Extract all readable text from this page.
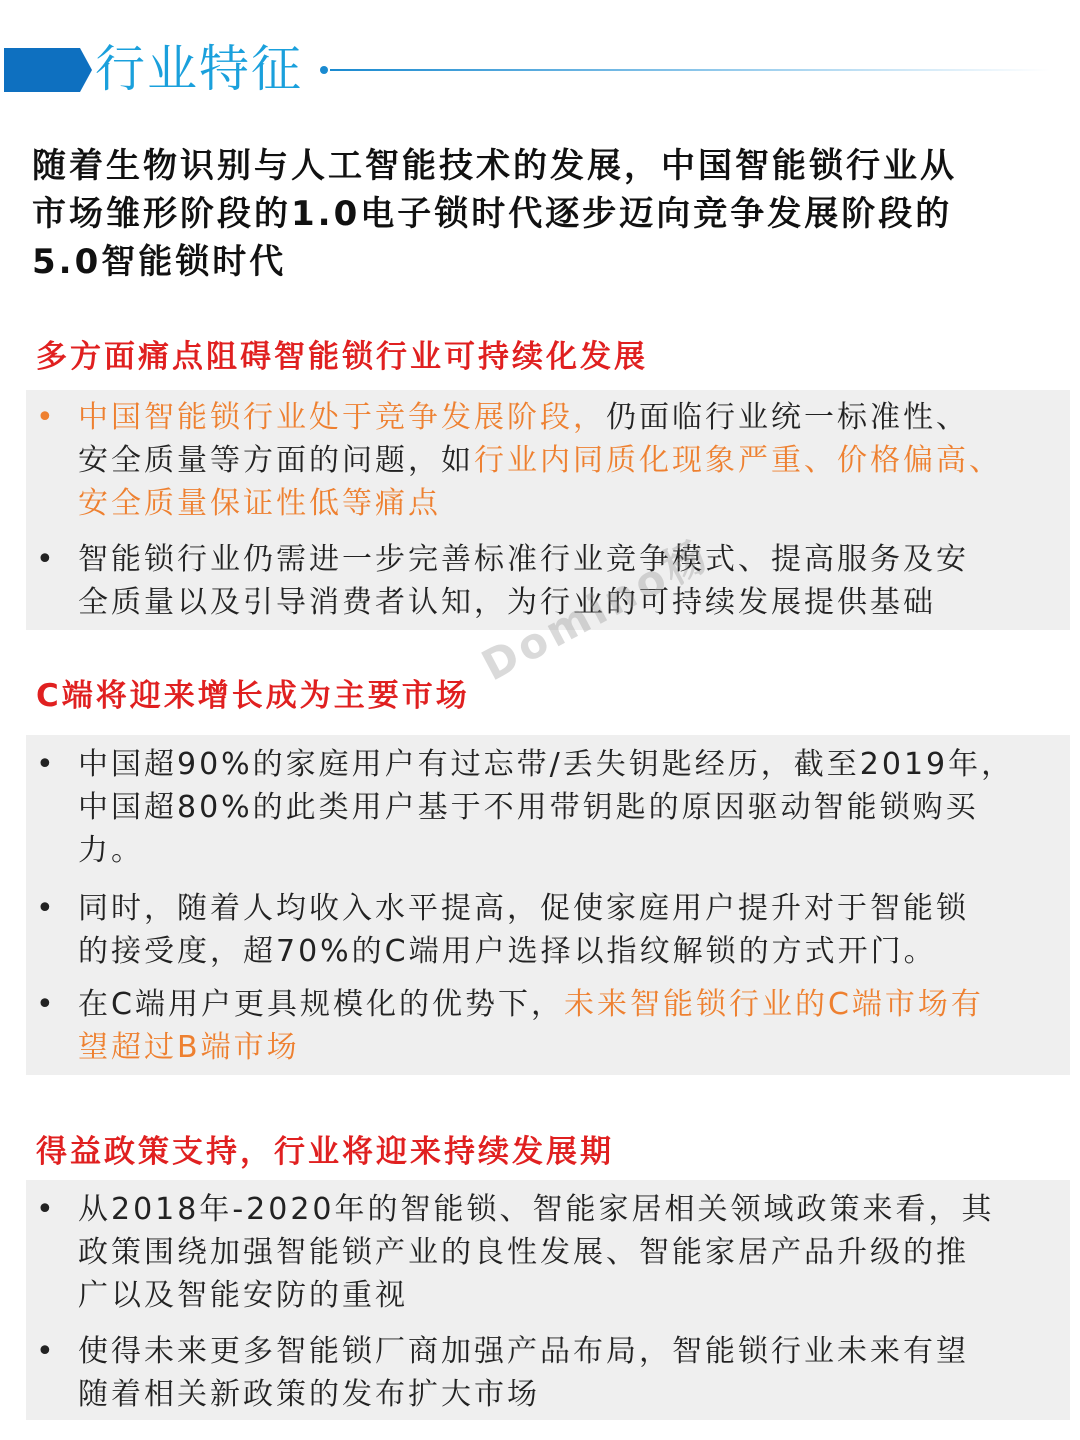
行业特征
随着生物识别与人工智能技术的发展，中国智能锁行业从
市场雏形阶段的1.0电子锁时代逐步迈向竞争发展阶段的
5.0智能锁时代
多方面痛点阻碍智能锁行业可持续化发展
• 中国智能锁行业处于竞争发展阶段，仍面临行业统一标准性、
安全质量等方面的问题，如行业内同质化现象严重、价格偏高、
安全质量保证性低等痛点
• 智能锁行业仍需进一步完善标准行业竞争模式、提高服务及安
全质量以及引导消费者认知，为行业的可持续发展提供基础
C端将迎来增长成为主要市场
• 中国超90%的家庭用户有过忘带/丢失钥匙经历，截至2019年，
中国超80%的此类用户基于不用带钥匙的原因驱动智能锁购买
力。
• 同时，随着人均收入水平提高，促使家庭用户提升对于智能锁
的接受度，超70%的C端用户选择以指纹解锁的方式开门。
• 在C端用户更具规模化的优势下，未来智能锁行业的C端市场有
望超过B端市场
得益政策支持，行业将迎来持续发展期
• 从2018年-2020年的智能锁、智能家居相关领域政策来看，其
政策围绕加强智能锁产业的良性发展、智能家居产品升级的推
广以及智能安防的重视
• 使得未来更多智能锁厂商加强产品布局，智能锁行业未来有望
随着相关新政策的发布扩大市场
Domino杨
